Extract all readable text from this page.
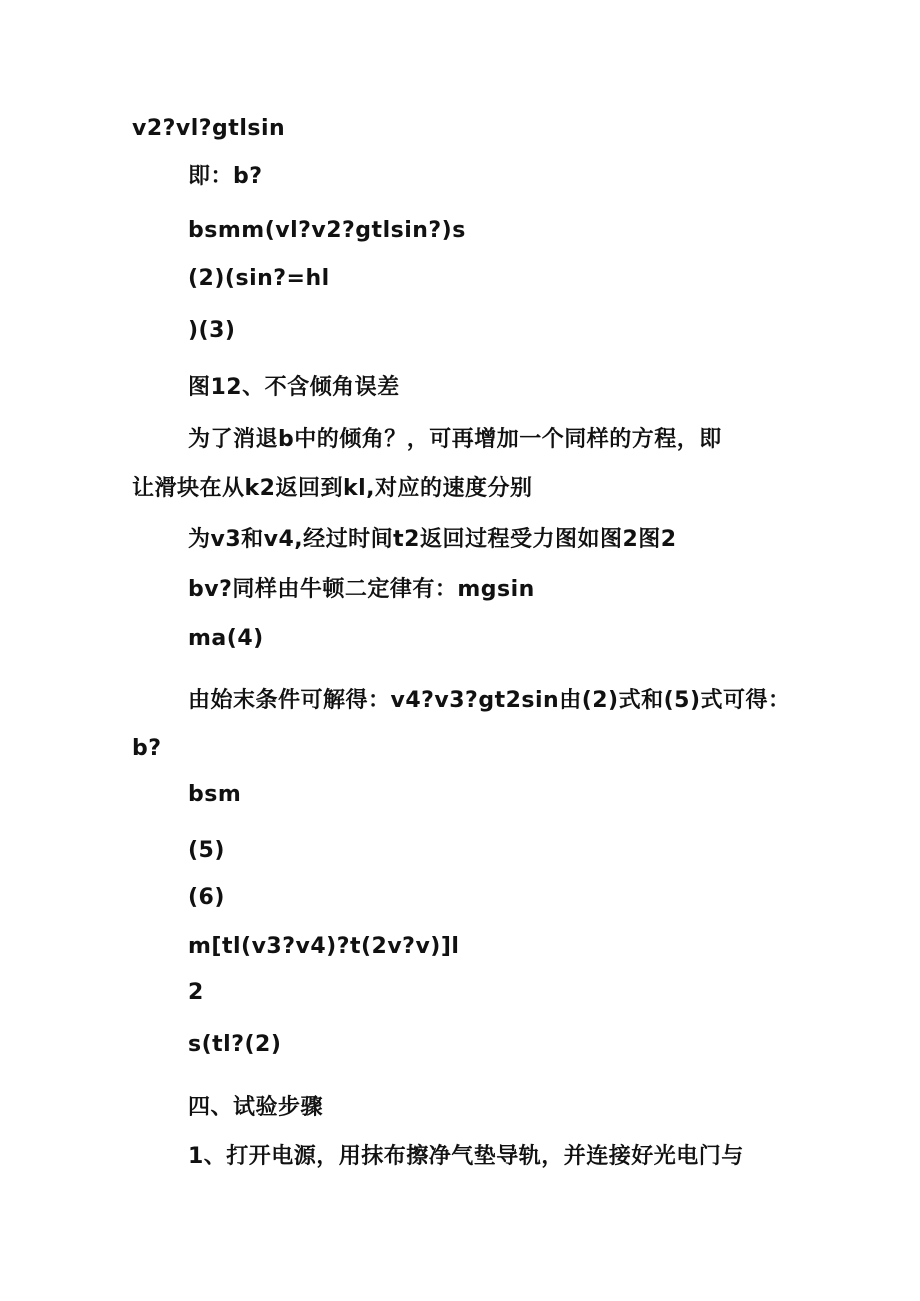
v2?vl?gtlsin
即：b?
bsmm(vl?v2?gtlsin?)s
(2)(sin?=hl
)(3)
图12、不含倾角误差
为了消退b中的倾角？，可再增加一个同样的方程，即
让滑块在从k2返回到kl,对应的速度分别
为v3和v4,经过时间t2返回过程受力图如图2图2
bv?同样由牛顿二定律有：mgsin
ma(4)
由始末条件可解得：v4?v3?gt2sin由(2)式和(5)式可得：
b?
bsm
(5)
(6)
m[tl(v3?v4)?t(2v?v)]l
2
s(tl?(2)
四、试验步骤
1、打开电源，用抹布擦净气垫导轨，并连接好光电门与
